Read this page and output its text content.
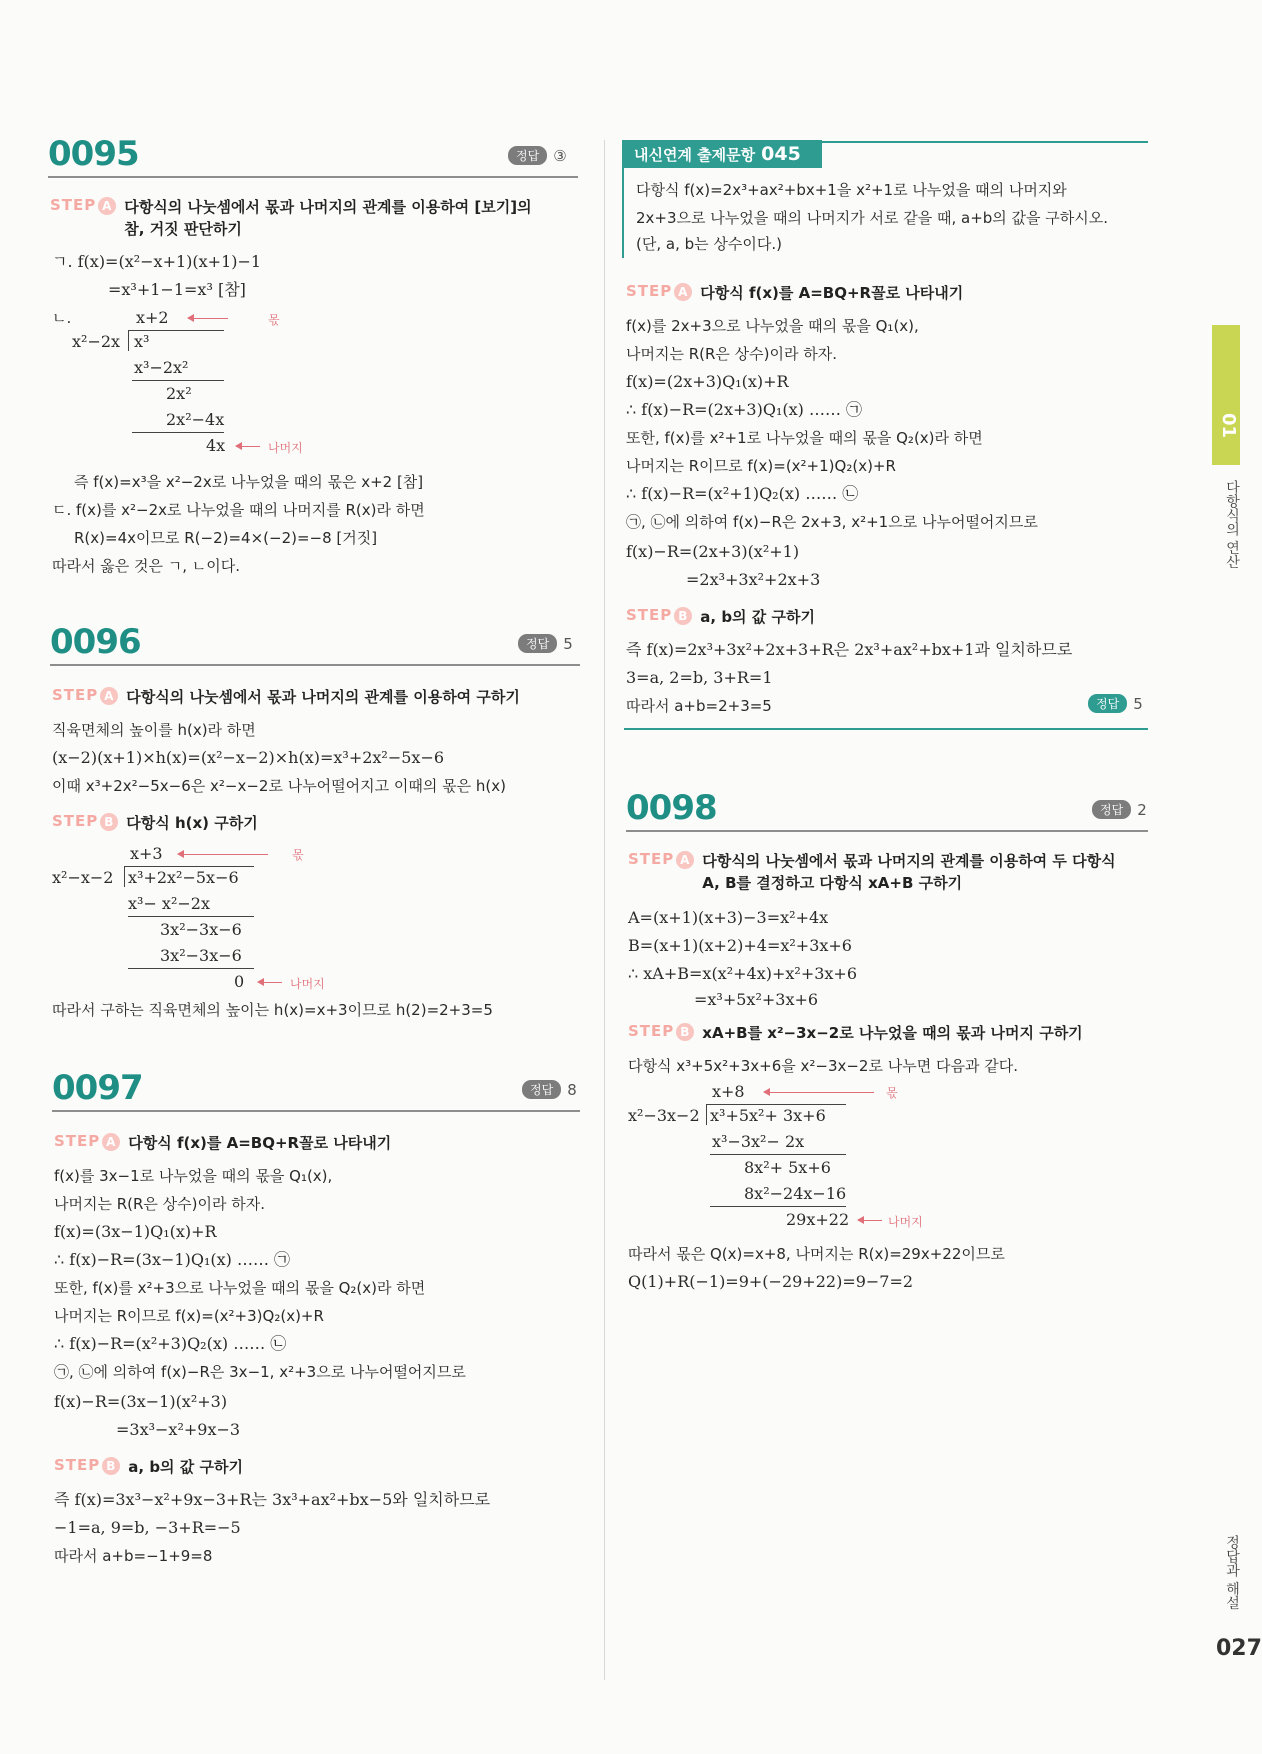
0095	정답 ③
STEP A 다항식의 나눗셈에서 몫과 나머지의 관계를 이용하여 [보기]의 참, 거짓 판단하기
ㄱ. f(x)=(x²−x+1)(x+1)−1
=x³+1−1=x³ [참]
ㄴ.	x+2	몫
x²−2x x³
x³−2x²
2x²
2x²−4x
4x	나머지
즉 f(x)=x³을 x²−2x로 나누었을 때의 몫은 x+2 [참]
ㄷ. f(x)를 x²−2x로 나누었을 때의 나머지를 R(x)라 하면
R(x)=4x이므로 R(−2)=4×(−2)=−8 [거짓]
따라서 옳은 것은 ㄱ, ㄴ이다.
0096	정답 5
STEP A 다항식의 나눗셈에서 몫과 나머지의 관계를 이용하여 구하기
직육면체의 높이를 h(x)라 하면
(x−2)(x+1)×h(x)=(x²−x−2)×h(x)=x³+2x²−5x−6
이때 x³+2x²−5x−6은 x²−x−2로 나누어떨어지고 이때의 몫은 h(x)
STEP B 다항식 h(x) 구하기
x+3	몫
x²−x−2 x³+2x²−5x−6
x³− x²−2x
3x²−3x−6
3x²−3x−6
0	나머지
따라서 구하는 직육면체의 높이는 h(x)=x+3이므로 h(2)=2+3=5
0097	정답 8
STEP A 다항식 f(x)를 A=BQ+R꼴로 나타내기
f(x)를 3x−1로 나누었을 때의 몫을 Q₁(x),
나머지는 R(R은 상수)이라 하자.
f(x)=(3x−1)Q₁(x)+R
∴ f(x)−R=(3x−1)Q₁(x) …… ㉠
또한, f(x)를 x²+3으로 나누었을 때의 몫을 Q₂(x)라 하면
나머지는 R이므로 f(x)=(x²+3)Q₂(x)+R
∴ f(x)−R=(x²+3)Q₂(x) …… ㉡
㉠, ㉡에 의하여 f(x)−R은 3x−1, x²+3으로 나누어떨어지므로
f(x)−R=(3x−1)(x²+3)
=3x³−x²+9x−3
STEP B a, b의 값 구하기
즉 f(x)=3x³−x²+9x−3+R는 3x³+ax²+bx−5와 일치하므로
−1=a, 9=b, −3+R=−5
따라서 a+b=−1+9=8
내신연계 출제문항 045
다항식 f(x)=2x³+ax²+bx+1을 x²+1로 나누었을 때의 나머지와
2x+3으로 나누었을 때의 나머지가 서로 같을 때, a+b의 값을 구하시오.
(단, a, b는 상수이다.)
STEP A 다항식 f(x)를 A=BQ+R꼴로 나타내기
f(x)를 2x+3으로 나누었을 때의 몫을 Q₁(x),
나머지는 R(R은 상수)이라 하자.
f(x)=(2x+3)Q₁(x)+R
∴ f(x)−R=(2x+3)Q₁(x) …… ㉠
또한, f(x)를 x²+1로 나누었을 때의 몫을 Q₂(x)라 하면
나머지는 R이므로 f(x)=(x²+1)Q₂(x)+R
∴ f(x)−R=(x²+1)Q₂(x) …… ㉡
㉠, ㉡에 의하여 f(x)−R은 2x+3, x²+1으로 나누어떨어지므로
f(x)−R=(2x+3)(x²+1)
=2x³+3x²+2x+3
STEP B a, b의 값 구하기
즉 f(x)=2x³+3x²+2x+3+R은 2x³+ax²+bx+1과 일치하므로
3=a, 2=b, 3+R=1
따라서 a+b=2+3=5	정답 5
0098	정답 2
STEP A 다항식의 나눗셈에서 몫과 나머지의 관계를 이용하여 두 다항식 A, B를 결정하고 다항식 xA+B 구하기
A=(x+1)(x+3)−3=x²+4x
B=(x+1)(x+2)+4=x²+3x+6
∴ xA+B=x(x²+4x)+x²+3x+6
=x³+5x²+3x+6
STEP B xA+B를 x²−3x−2로 나누었을 때의 몫과 나머지 구하기
다항식 x³+5x²+3x+6을 x²−3x−2로 나누면 다음과 같다.
x+8	몫
x²−3x−2 x³+5x²+ 3x+6
x³−3x²− 2x
8x²+ 5x+6
8x²−24x−16
29x+22	나머지
따라서 몫은 Q(x)=x+8, 나머지는 R(x)=29x+22이므로
Q(1)+R(−1)=9+(−29+22)=9−7=2
01
다항식의 연산
정답과 해설
027
